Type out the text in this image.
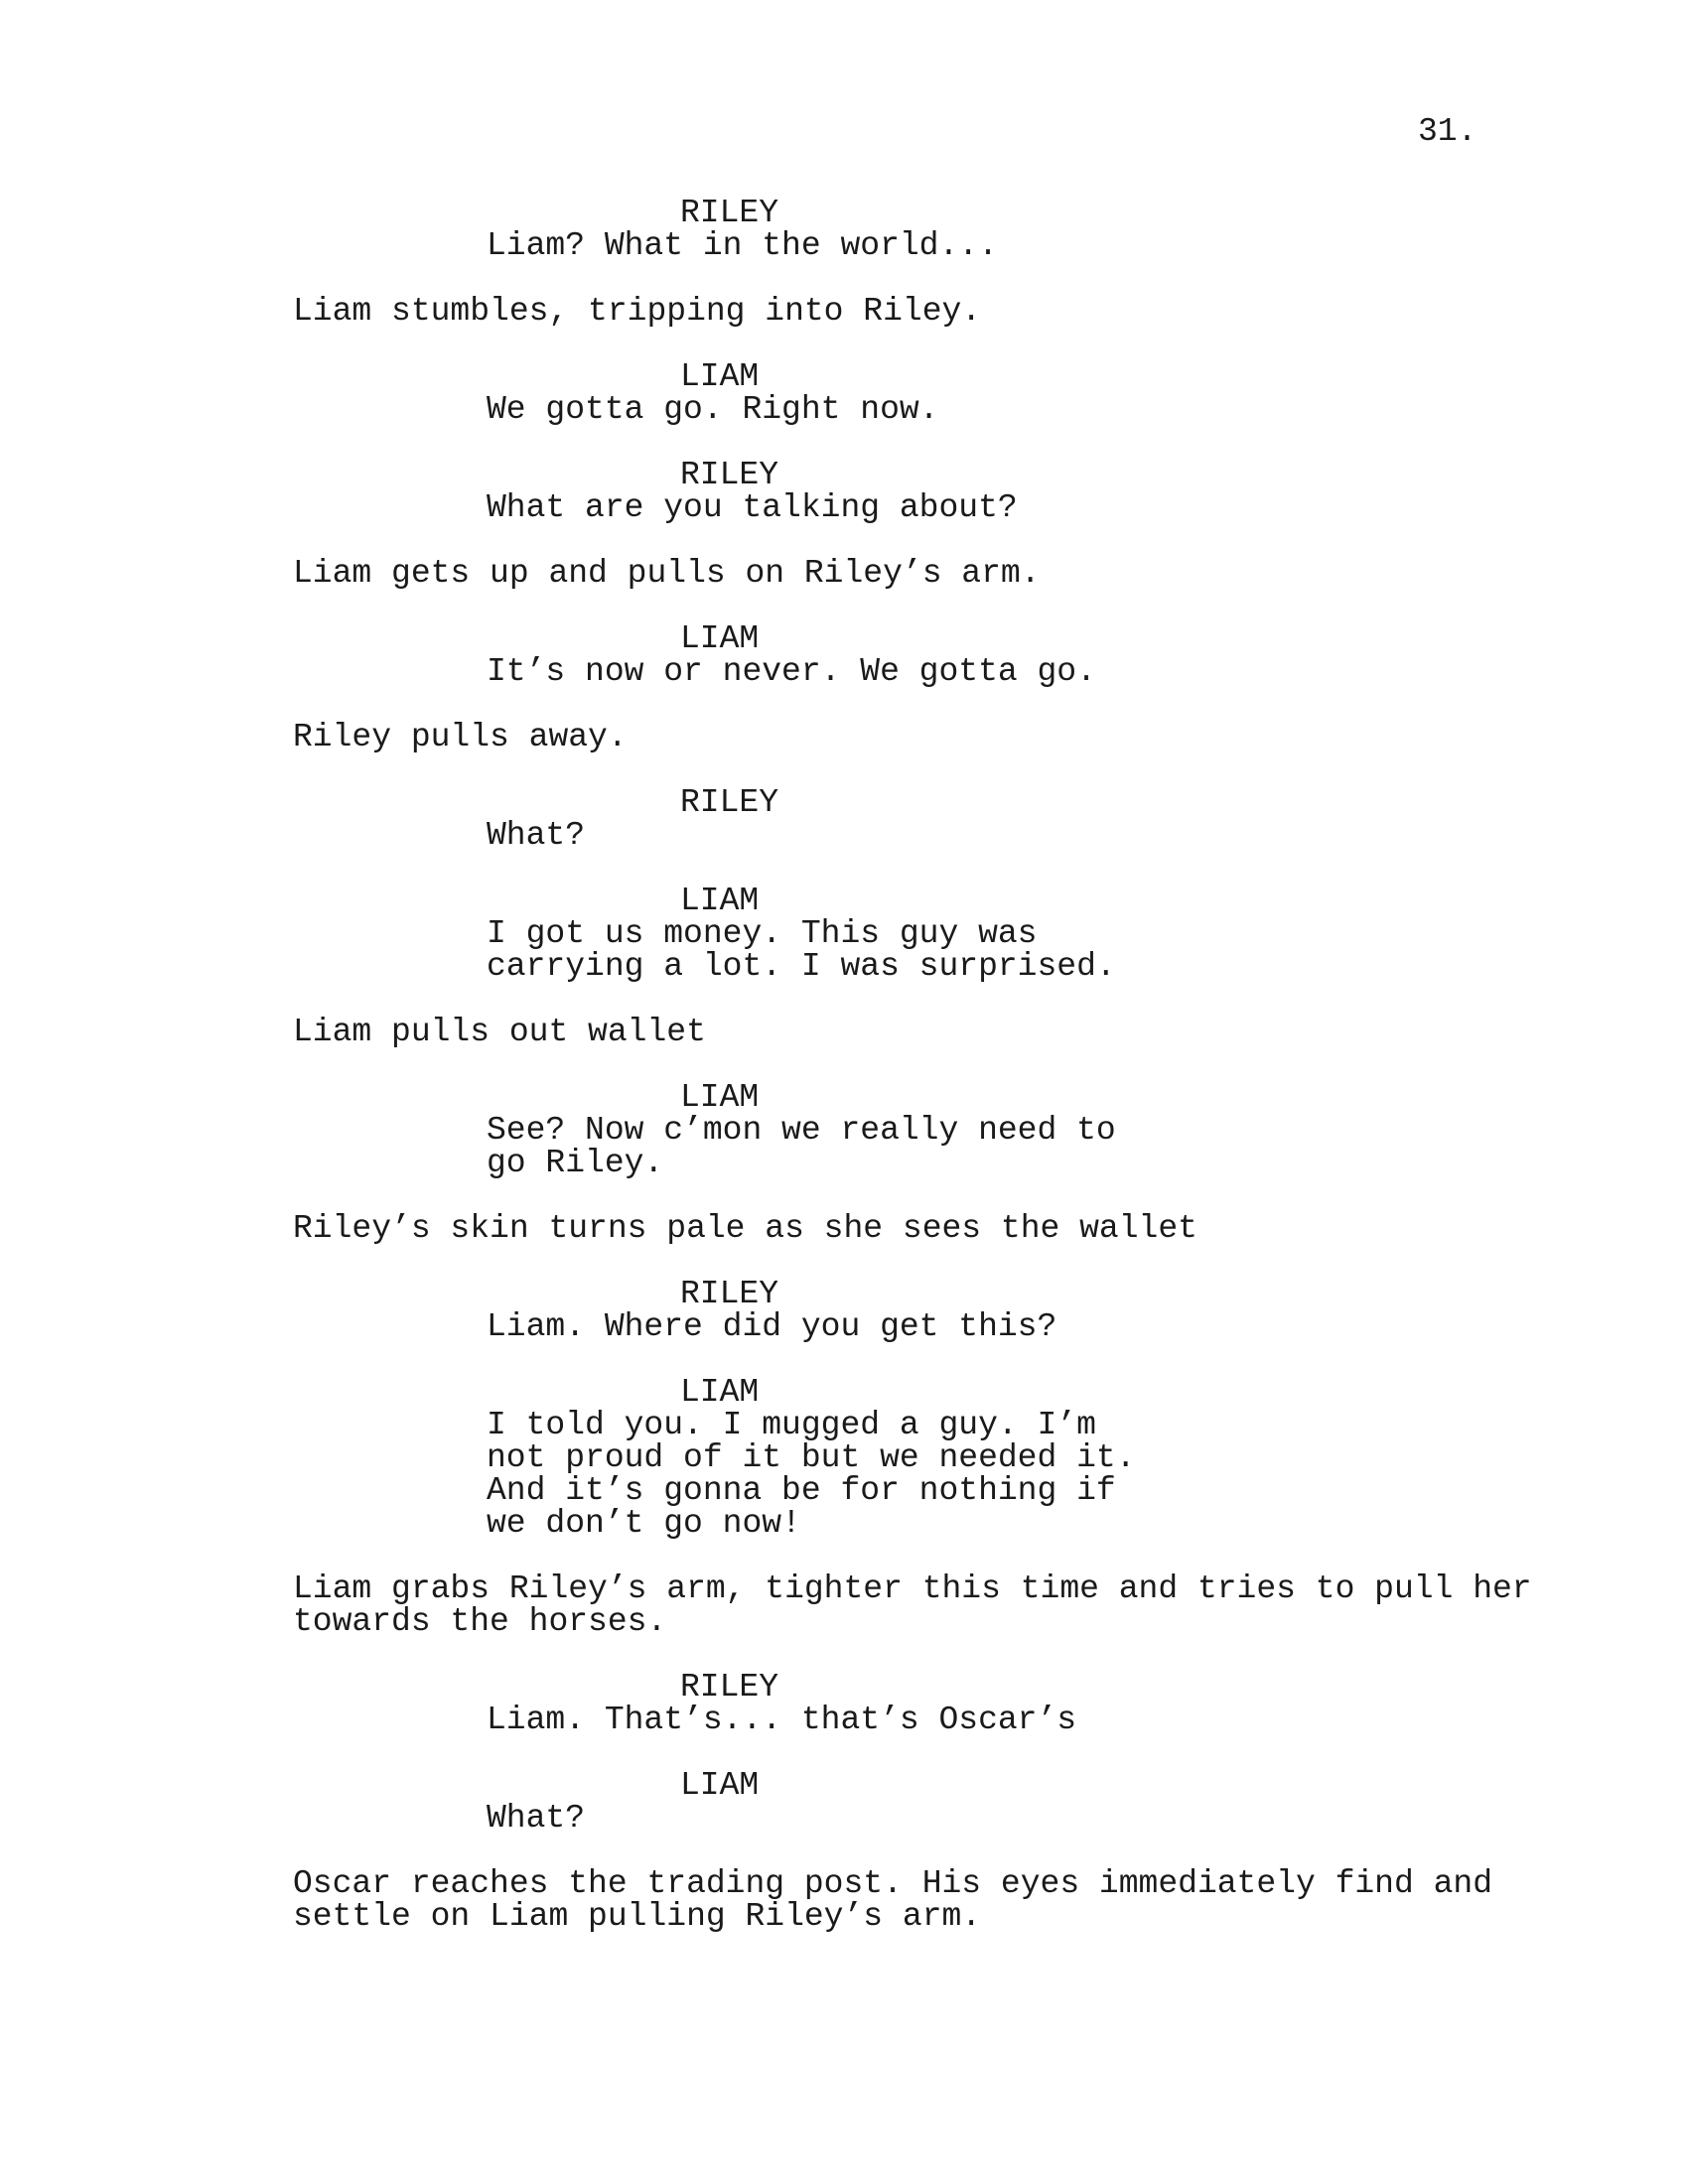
31.
RILEY
Liam? What in the world...
Liam stumbles, tripping into Riley.
LIAM
We gotta go. Right now.
RILEY
What are you talking about?
Liam gets up and pulls on Riley’s arm.
LIAM
It’s now or never. We gotta go.
Riley pulls away.
RILEY
What?
LIAM
I got us money. This guy was
carrying a lot. I was surprised.
Liam pulls out wallet
LIAM
See? Now c’mon we really need to
go Riley.
Riley’s skin turns pale as she sees the wallet
RILEY
Liam. Where did you get this?
LIAM
I told you. I mugged a guy. I’m
not proud of it but we needed it.
And it’s gonna be for nothing if
we don’t go now!
Liam grabs Riley’s arm, tighter this time and tries to pull her
towards the horses.
RILEY
Liam. That’s... that’s Oscar’s
LIAM
What?
Oscar reaches the trading post. His eyes immediately find and
settle on Liam pulling Riley’s arm.
